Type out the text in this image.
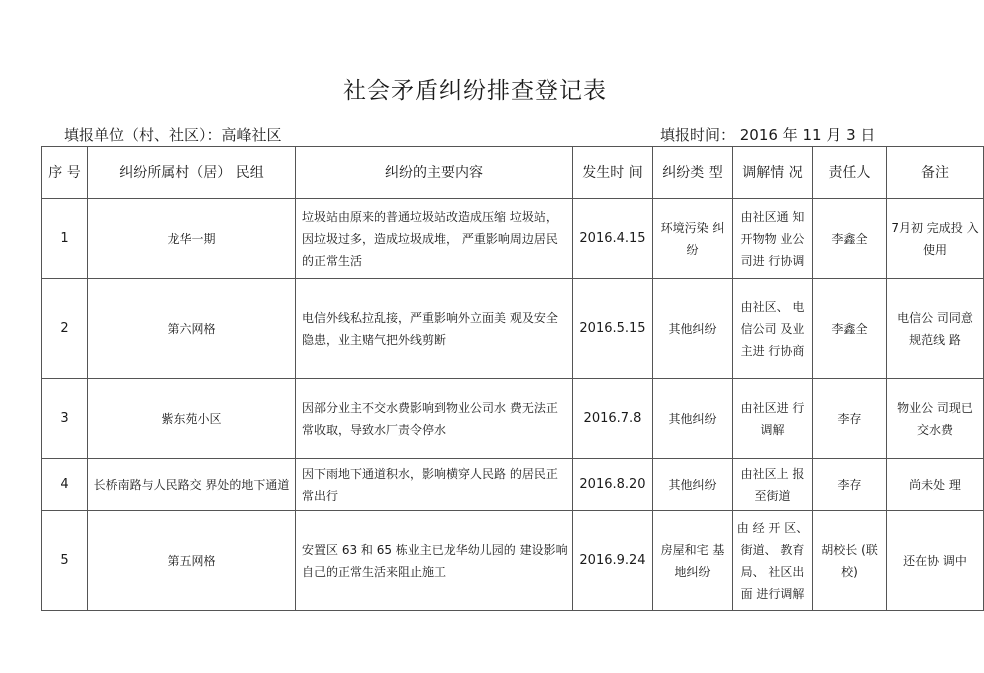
社会矛盾纠纷排查登记表
填报单位（村、社区）：高峰社区	填报时间： 2016 年 11 月 3 日
序 号	纠纷所属村（居） 民组	纠纷的主要内容	发生时 间	纠纷类 型	调解情 况	责任人	备注
1	龙华一期	垃圾站由原来的普通垃圾站改造成压缩 垃圾站，因垃圾过多，造成垃圾成堆， 严重影响周边居民的正常生活	2016.4.15	环境污染 纠纷	由社区通 知开物物 业公司进 行协调	李鑫全	7月初 完成投 入使用
2	第六网格	电信外线私拉乱接，严重影响外立面美 观及安全隐患，业主赌气把外线剪断	2016.5.15	其他纠纷	由社区、 电信公司 及业主进 行协商	李鑫全	电信公 司同意 规范线 路
3	紫东苑小区	因部分业主不交水费影响到物业公司水 费无法正常收取，导致水厂责令停水	2016.7.8	其他纠纷	由社区进 行调解	李存	物业公 司现已 交水费
4	长桥南路与人民路交 界处的地下通道	因下雨地下通道积水，影响横穿人民路 的居民正常出行	2016.8.20	其他纠纷	由社区上 报至街道	李存	尚未处 理
5	第五网格	安置区 63 和 65 栋业主已龙华幼儿园的 建设影响自己的正常生活来阻止施工	2016.9.24	房屋和宅 基地纠纷	由 经 开 区、街道、 教育局、 社区出面 进行调解	胡校长 (联校)	还在协 调中
